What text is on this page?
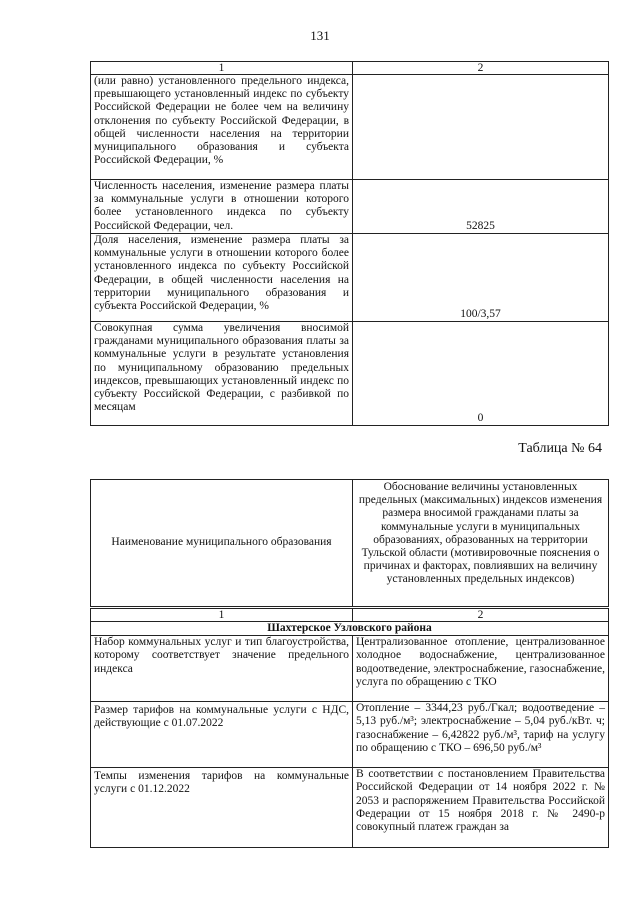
131
1	2
(или равно) установленного предельного индекса, превышающего установленный индекс по субъекту Российской Федерации не более чем на величину отклонения по субъекту Российской Федерации, в общей численности населения на территории муниципального образования и субъекта Российской Федерации, %	
Численность населения, изменение размера платы за коммунальные услуги в отношении которого более установленного индекса по субъекту Российской Федерации, чел.	52825
Доля населения, изменение размера платы за коммунальные услуги в отношении которого более установленного индекса по субъекту Российской Федерации, в общей численности населения на территории муниципального образования и субъекта Российской Федерации, %	100/3,57
Совокупная сумма увеличения вносимой гражданами муниципального образования платы за коммунальные услуги в результате установления по муниципальному образованию предельных индексов, превышающих установленный индекс по субъекту Российской Федерации, с разбивкой по месяцам	0
Таблица № 64
Наименование муниципального образования	Обоснование величины установленных предельных (максимальных) индексов изменения размера вносимой гражданами платы за коммунальные услуги в муниципальных образованиях, образованных на территории Тульской области (мотивировочные пояснения о причинах и факторах, повлиявших на величину установленных предельных индексов)
1	2
Шахтерское Узловского района	
Набор коммунальных услуг и тип благоустройства, которому соответствует значение предельного индекса	Централизованное отопление, централизованное холодное водоснабжение, централизованное водоотведение, электроснабжение, газоснабжение, услуга по обращению с ТКО
Размер тарифов на коммунальные услуги с НДС, действующие с 01.07.2022	Отопление – 3344,23 руб./Гкал; водоотведение – 5,13 руб./м³; электроснабжение – 5,04 руб./кВт. ч; газоснабжение – 6,42822 руб./м³, тариф на услугу по обращению с ТКО – 696,50 руб./м³
Темпы изменения тарифов на коммунальные услуги с 01.12.2022	В соответствии с постановлением Правительства Российской Федерации от 14 ноября 2022 г. № 2053 и распоряжением Правительства Российской Федерации от 15 ноября 2018 г. № 2490-р совокупный платеж граждан за
